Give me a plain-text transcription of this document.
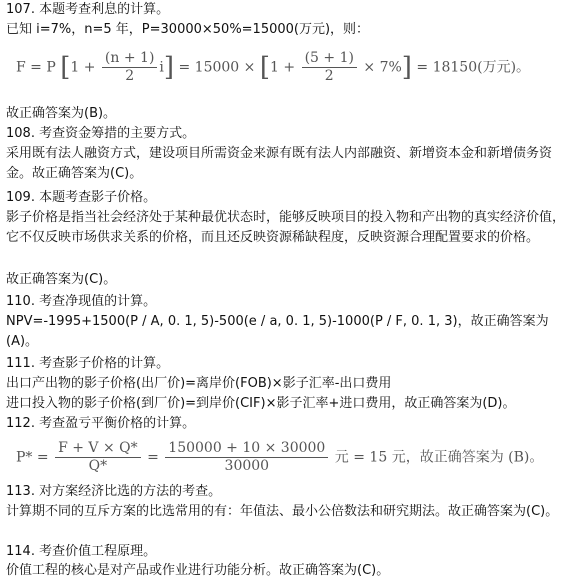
107. 本题考查利息的计算。
已知 i=7%，n=5 年，P=30000×50%=15000(万元)，则：
F = P $[1 + \frac{(n + 1)}{2} i] = 15000 \times [1 + \frac{(5 + 1)}{2} \times 7\%] = 18150$(万元)。
故正确答案为(B)。
108. 考查资金筹措的主要方式。
采用既有法人融资方式，建设项目所需资金来源有既有法人内部融资、新增资本金和新增债务资金。故正确答案为(C)。
109. 本题考查影子价格。
影子价格是指当社会经济处于某种最优状态时，能够反映项目的投入物和产出物的真实经济价值，它不仅反映市场供求关系的价格，而且还反映资源稀缺程度，反映资源合理配置要求的价格。
故正确答案为(C)。
110. 考查净现值的计算。
NPV=-1995+1500(P / A, 0. 1, 5)-500(e / a, 0. 1, 5)-1000(P / F, 0. 1, 3)，故正确答案为(A)。
111. 考查影子价格的计算。
出口产出物的影子价格(出厂价)=离岸价(FOB)×影子汇率-出口费用
进口投入物的影子价格(到厂价)=到岸价(CIF)×影子汇率+进口费用，故正确答案为(D)。
112. 考查盈亏平衡价格的计算。
$P* = \frac{F + V \times Q*}{Q*} = \frac{150000 + 10 \times 30000}{30000}$ 元 = 15 元，故正确答案为 (B)。
113. 对方案经济比选的方法的考查。
计算期不同的互斥方案的比选常用的有：年值法、最小公倍数法和研究期法。故正确答案为(C)。
114. 考查价值工程原理。
价值工程的核心是对产品或作业进行功能分析。故正确答案为(C)。
